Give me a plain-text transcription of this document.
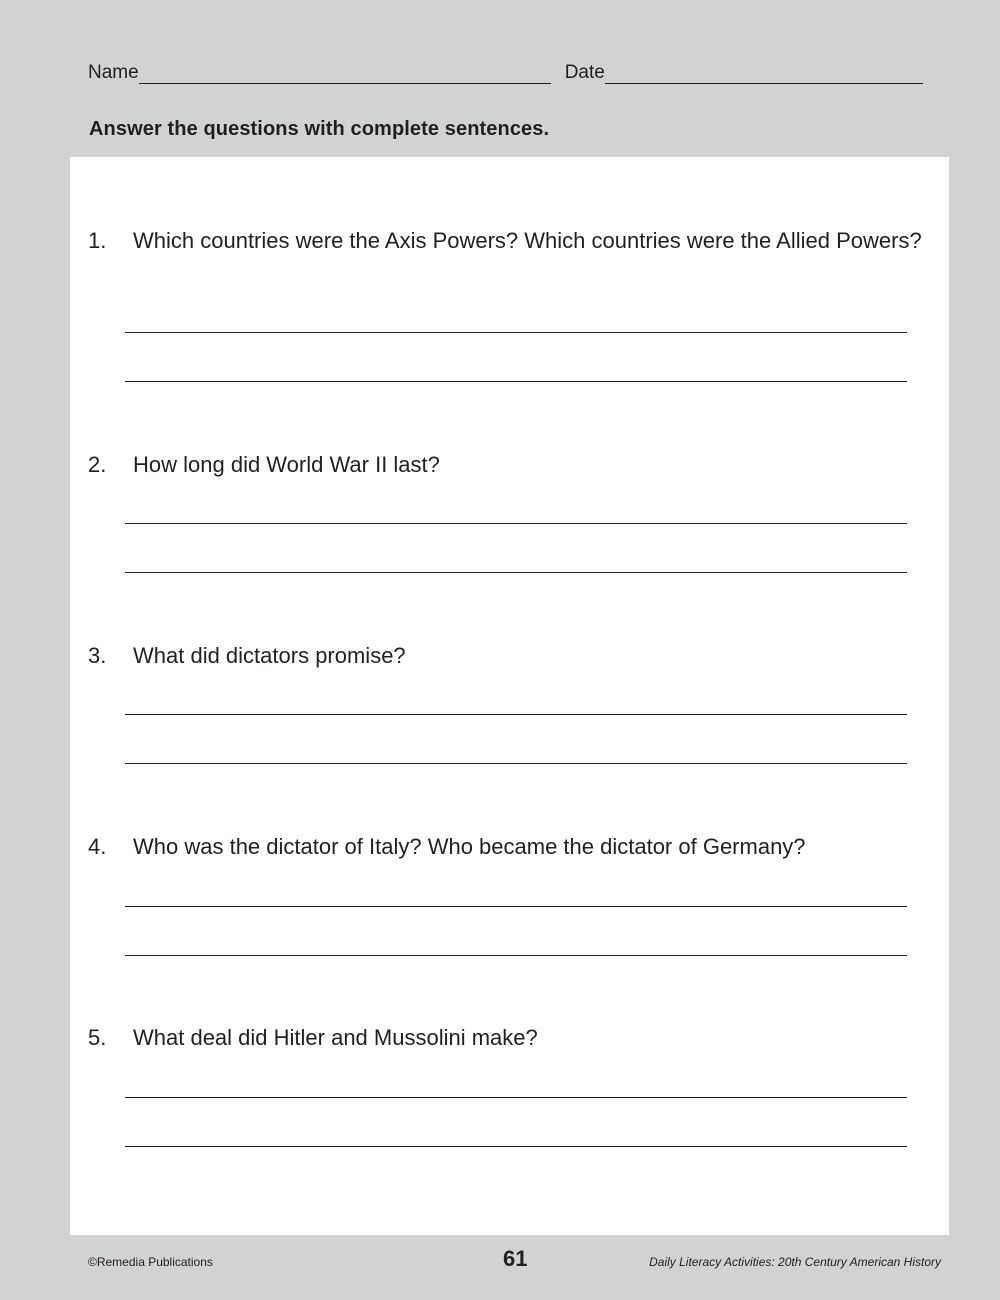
Name	Date
Answer the questions with complete sentences.
1. Which countries were the Axis Powers? Which countries were the Allied Powers?
2. How long did World War II last?
3. What did dictators promise?
4. Who was the dictator of Italy? Who became the dictator of Germany?
5. What deal did Hitler and Mussolini make?
©Remedia Publications	61	Daily Literacy Activities: 20th Century American History
